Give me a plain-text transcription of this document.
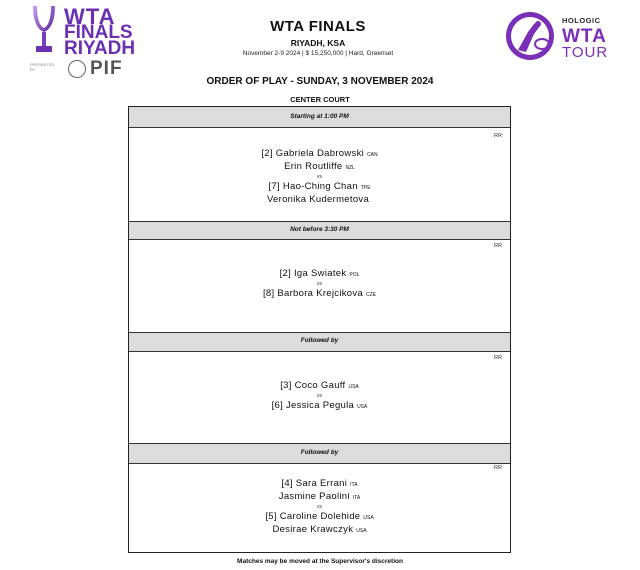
WTA
FINALS
RIYADH
PRESENTED BY	PIF
WTA FINALS
RIYADH, KSA
November 2-9 2024 | $ 15,250,000 | Hard, Greenset
HOLOGIC
WTA
TOUR
ORDER OF PLAY - SUNDAY, 3 NOVEMBER 2024
CENTER COURT
Starting at 1:00 PM
RR
[2] Gabriela Dabrowski CAN
Erin Routliffe NZL
vs
[7] Hao-Ching Chan TPE
Veronika Kudermetova
Not before 3:30 PM
RR
[2] Iga Swiatek POL
vs
[8] Barbora Krejcikova CZE
Followed by
RR
[3] Coco Gauff USA
vs
[6] Jessica Pegula USA
Followed by
RR
[4] Sara Errani ITA
Jasmine Paolini ITA
vs
[5] Caroline Dolehide USA
Desirae Krawczyk USA
Matches may be moved at the Supervisor's discretion
